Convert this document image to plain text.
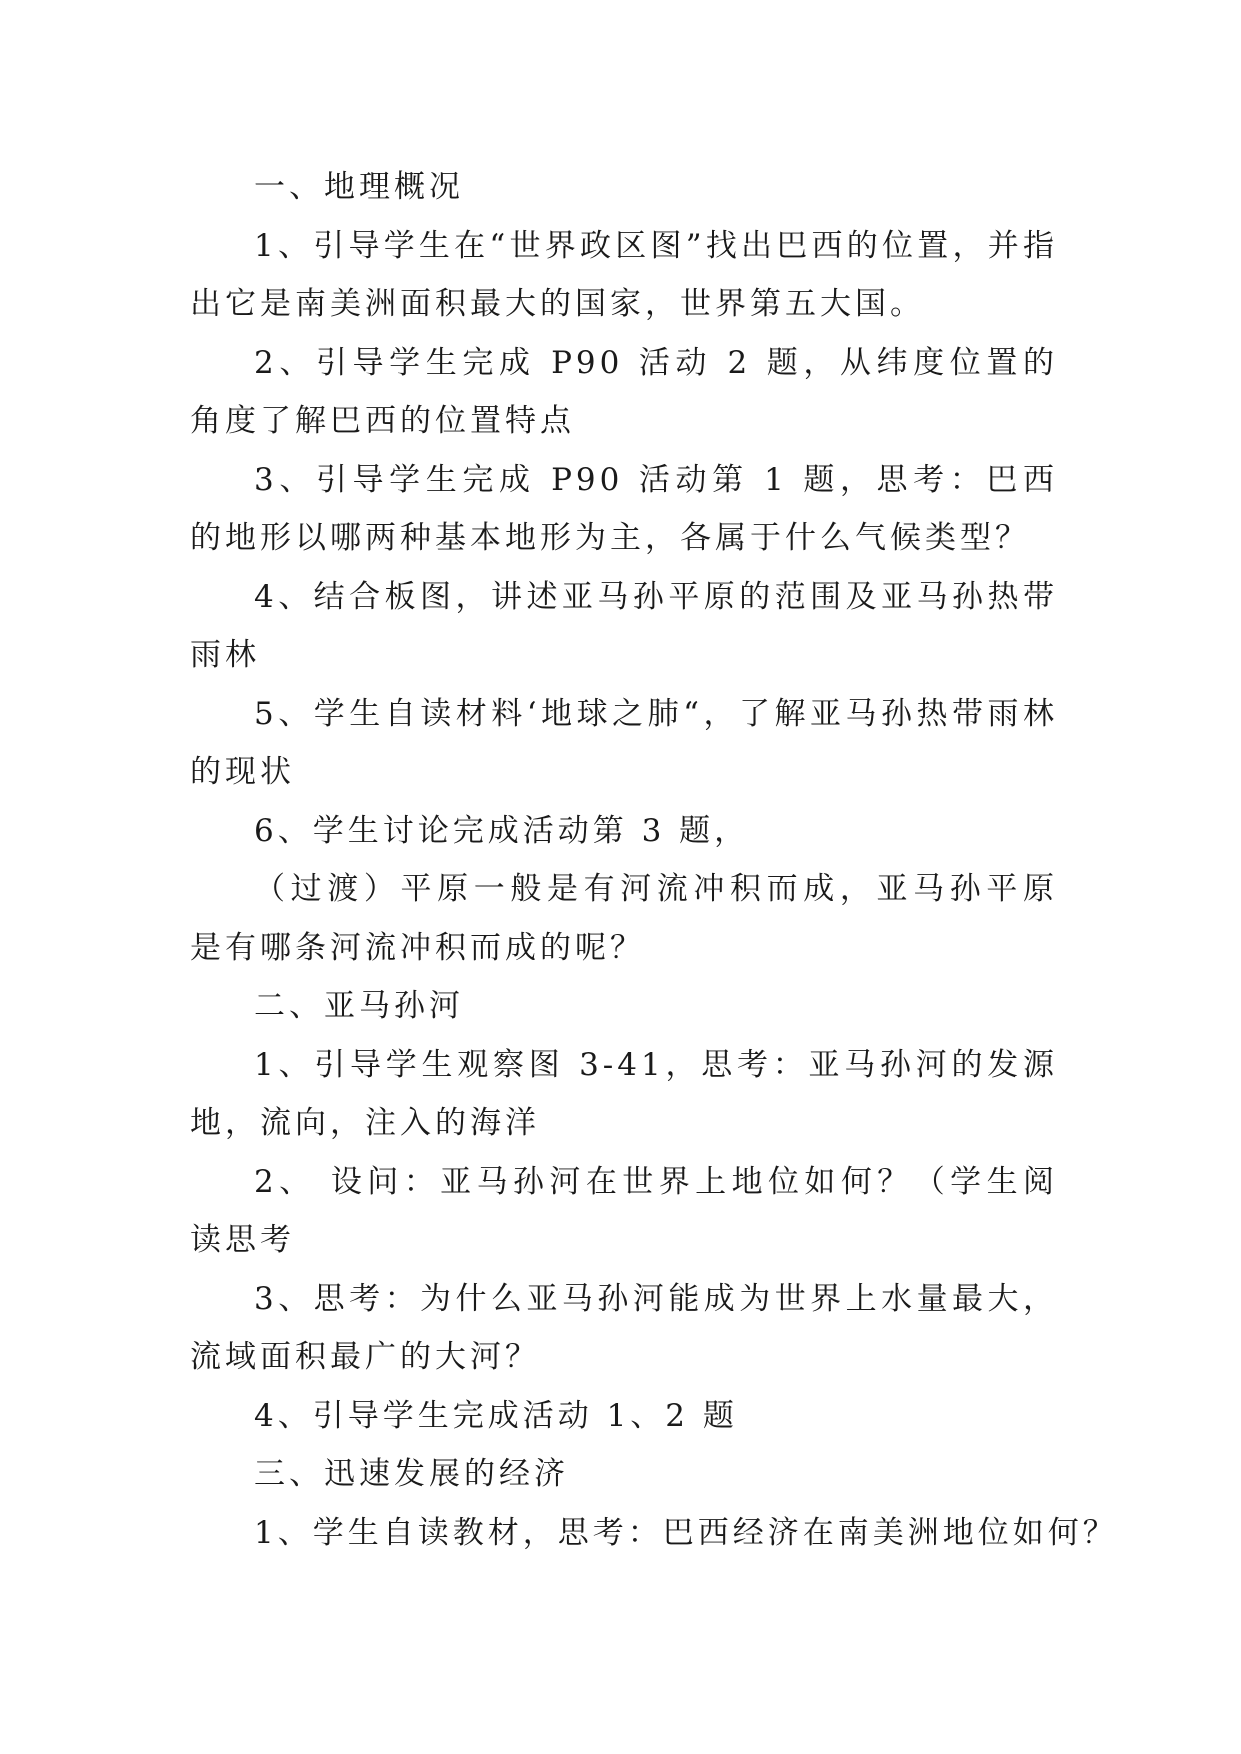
一、地理概况

1、引导学生在“世界政区图”找出巴西的位置，并指出它是南美洲面积最大的国家，世界第五大国。

2、引导学生完成 P90 活动 2 题，从纬度位置的角度了解巴西的位置特点

3、引导学生完成 P90 活动第 1 题，思考：巴西的地形以哪两种基本地形为主，各属于什么气候类型？

4、结合板图，讲述亚马孙平原的范围及亚马孙热带雨林

5、学生自读材料‘地球之肺“，了解亚马孙热带雨林的现状

6、学生讨论完成活动第 3 题，

（过渡）平原一般是有河流冲积而成，亚马孙平原是有哪条河流冲积而成的呢？

二、亚马孙河

1、引导学生观察图 3-41，思考：亚马孙河的发源地，流向，注入的海洋

2、 设问：亚马孙河在世界上地位如何？（学生阅读思考

3、思考：为什么亚马孙河能成为世界上水量最大，流域面积最广的大河？

4、引导学生完成活动 1、2 题

三、迅速发展的经济

1、学生自读教材，思考：巴西经济在南美洲地位如何？
